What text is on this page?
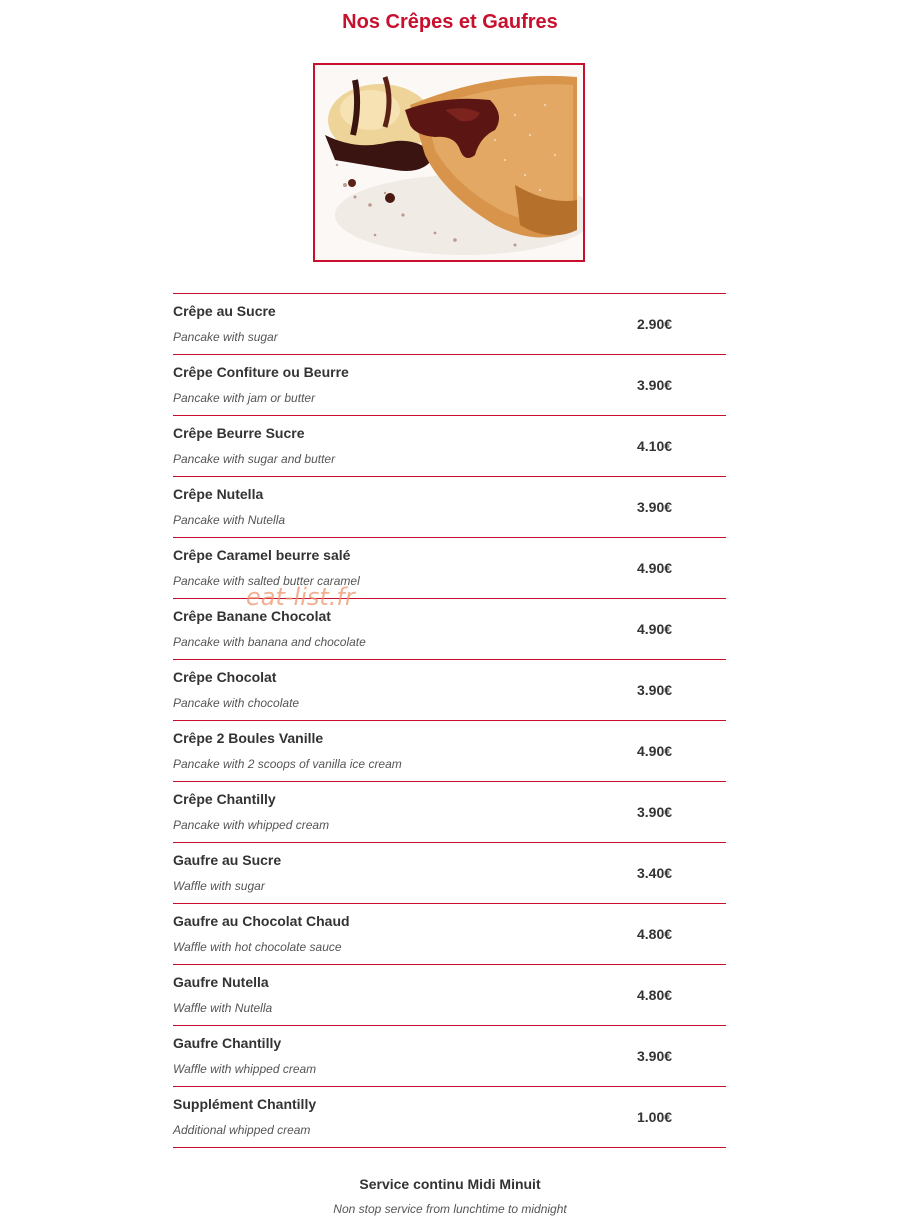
Nos Crêpes et Gaufres
Crêpe au Sucre
Pancake with sugar
2.90€
Crêpe Confiture ou Beurre
Pancake with jam or butter
3.90€
Crêpe Beurre Sucre
Pancake with sugar and butter
4.10€
Crêpe Nutella
Pancake with Nutella
3.90€
Crêpe Caramel beurre salé
Pancake with salted butter caramel
4.90€
Crêpe Banane Chocolat
Pancake with banana and chocolate
4.90€
Crêpe Chocolat
Pancake with chocolate
3.90€
Crêpe 2 Boules Vanille
Pancake with 2 scoops of vanilla ice cream
4.90€
Crêpe Chantilly
Pancake with whipped cream
3.90€
Gaufre au Sucre
Waffle with sugar
3.40€
Gaufre au Chocolat Chaud
Waffle with hot chocolate sauce
4.80€
Gaufre Nutella
Waffle with Nutella
4.80€
Gaufre Chantilly
Waffle with whipped cream
3.90€
Supplément Chantilly
Additional whipped cream
1.00€
eat-list.fr
Service continu Midi Minuit
Non stop service from lunchtime to midnight
